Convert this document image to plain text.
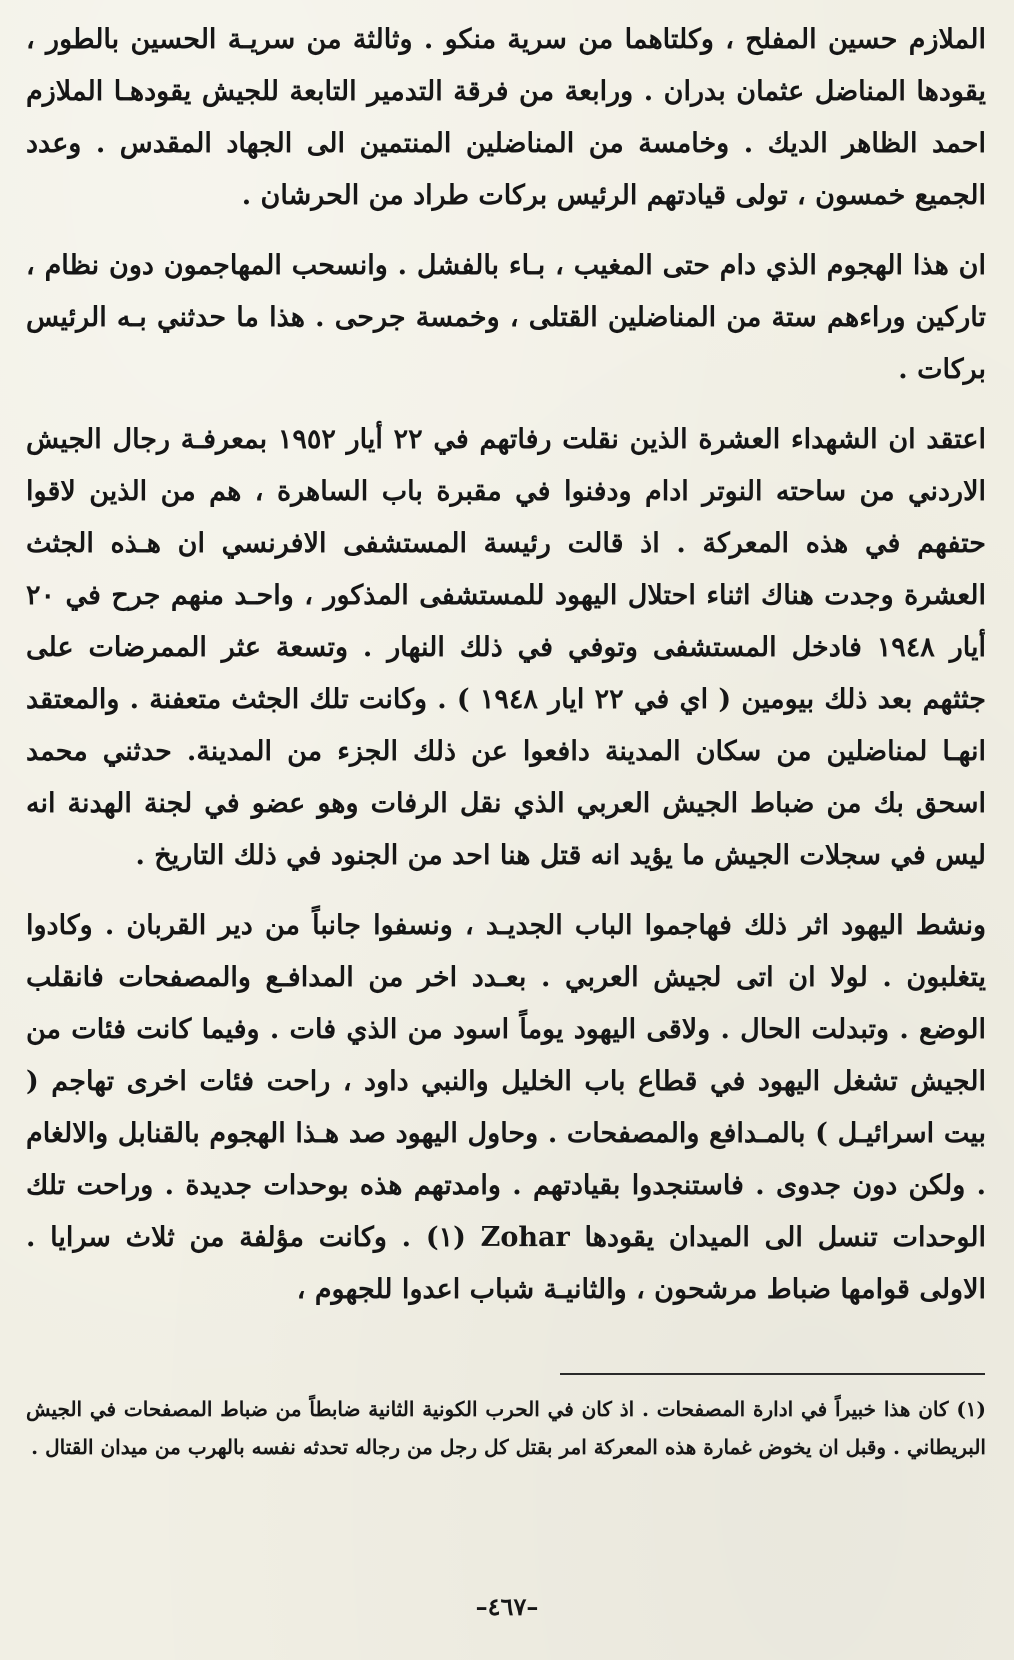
الملازم حسين المفلح ، وكلتاهما من سرية منكو . وثالثة من سريـة الحسين بالطور ، يقودها المناضل عثمان بدران . ورابعة من فرقة التدمير التابعة للجيش يقودهـا الملازم احمد الظاهر الديك . وخامسة من المناضلين المنتمين الى الجهاد المقدس . وعدد الجميع خمسون ، تولى قيادتهم الرئيس بركات طراد من الحرشان .

ان هذا الهجوم الذي دام حتى المغيب ، بـاء بالفشل . وانسحب المهاجمون دون نظام ، تاركين وراءهم ستة من المناضلين القتلى ، وخمسة جرحى . هذا ما حدثني بـه الرئيس بركات .

اعتقد ان الشهداء العشرة الذين نقلت رفاتهم في ٢٢ أيار ١٩٥٢ بمعرفـة رجال الجيش الاردني من ساحته النوتر ادام ودفنوا في مقبرة باب الساهرة ، هم من الذين لاقوا حتفهم في هذه المعركة . اذ قالت رئيسة المستشفى الافرنسي ان هـذه الجثث العشرة وجدت هناك اثناء احتلال اليهود للمستشفى المذكور ، واحـد منهم جرح في ٢٠ أيار ١٩٤٨ فادخل المستشفى وتوفي في ذلك النهار . وتسعة عثر الممرضات على جثثهم بعد ذلك بيومين ( اي في ٢٢ ايار ١٩٤٨ ) . وكانت تلك الجثث متعفنة . والمعتقد انهـا لمناضلين من سكان المدينة دافعوا عن ذلك الجزء من المدينة. حدثني محمد اسحق بك من ضباط الجيش العربي الذي نقل الرفات وهو عضو في لجنة الهدنة انه ليس في سجلات الجيش ما يؤيد انه قتل هنا احد من الجنود في ذلك التاريخ .

ونشط اليهود اثر ذلك فهاجموا الباب الجديـد ، ونسفوا جانباً من دير القربان . وكادوا يتغلبون . لولا ان اتى لجيش العربي . بعـدد اخر من المدافـع والمصفحات فانقلب الوضع . وتبدلت الحال . ولاقى اليهود يوماً اسود من الذي فات . وفيما كانت فئات من الجيش تشغل اليهود في قطاع باب الخليل والنبي داود ، راحت فئات اخرى تهاجم ( بيت اسرائيـل ) بالمـدافع والمصفحات . وحاول اليهود صد هـذا الهجوم بالقنابل والالغام . ولكن دون جدوى . فاستنجدوا بقيادتهم . وامدتهم هذه بوحدات جديدة . وراحت تلك الوحدات تنسل الى الميدان يقودها Zohar (١) . وكانت مؤلفة من ثلاث سرايا . الاولى قوامها ضباط مرشحون ، والثانيـة شباب اعدوا للجهوم ،

(١) كان هذا خبيراً في ادارة المصفحات . اذ كان في الحرب الكونية الثانية ضابطاً من ضباط المصفحات في الجيش البريطاني . وقبل ان يخوض غمارة هذه المعركة امر بقتل كل رجل من رجاله تحدثه نفسه بالهرب من ميدان القتال .
–٤٦٧–
